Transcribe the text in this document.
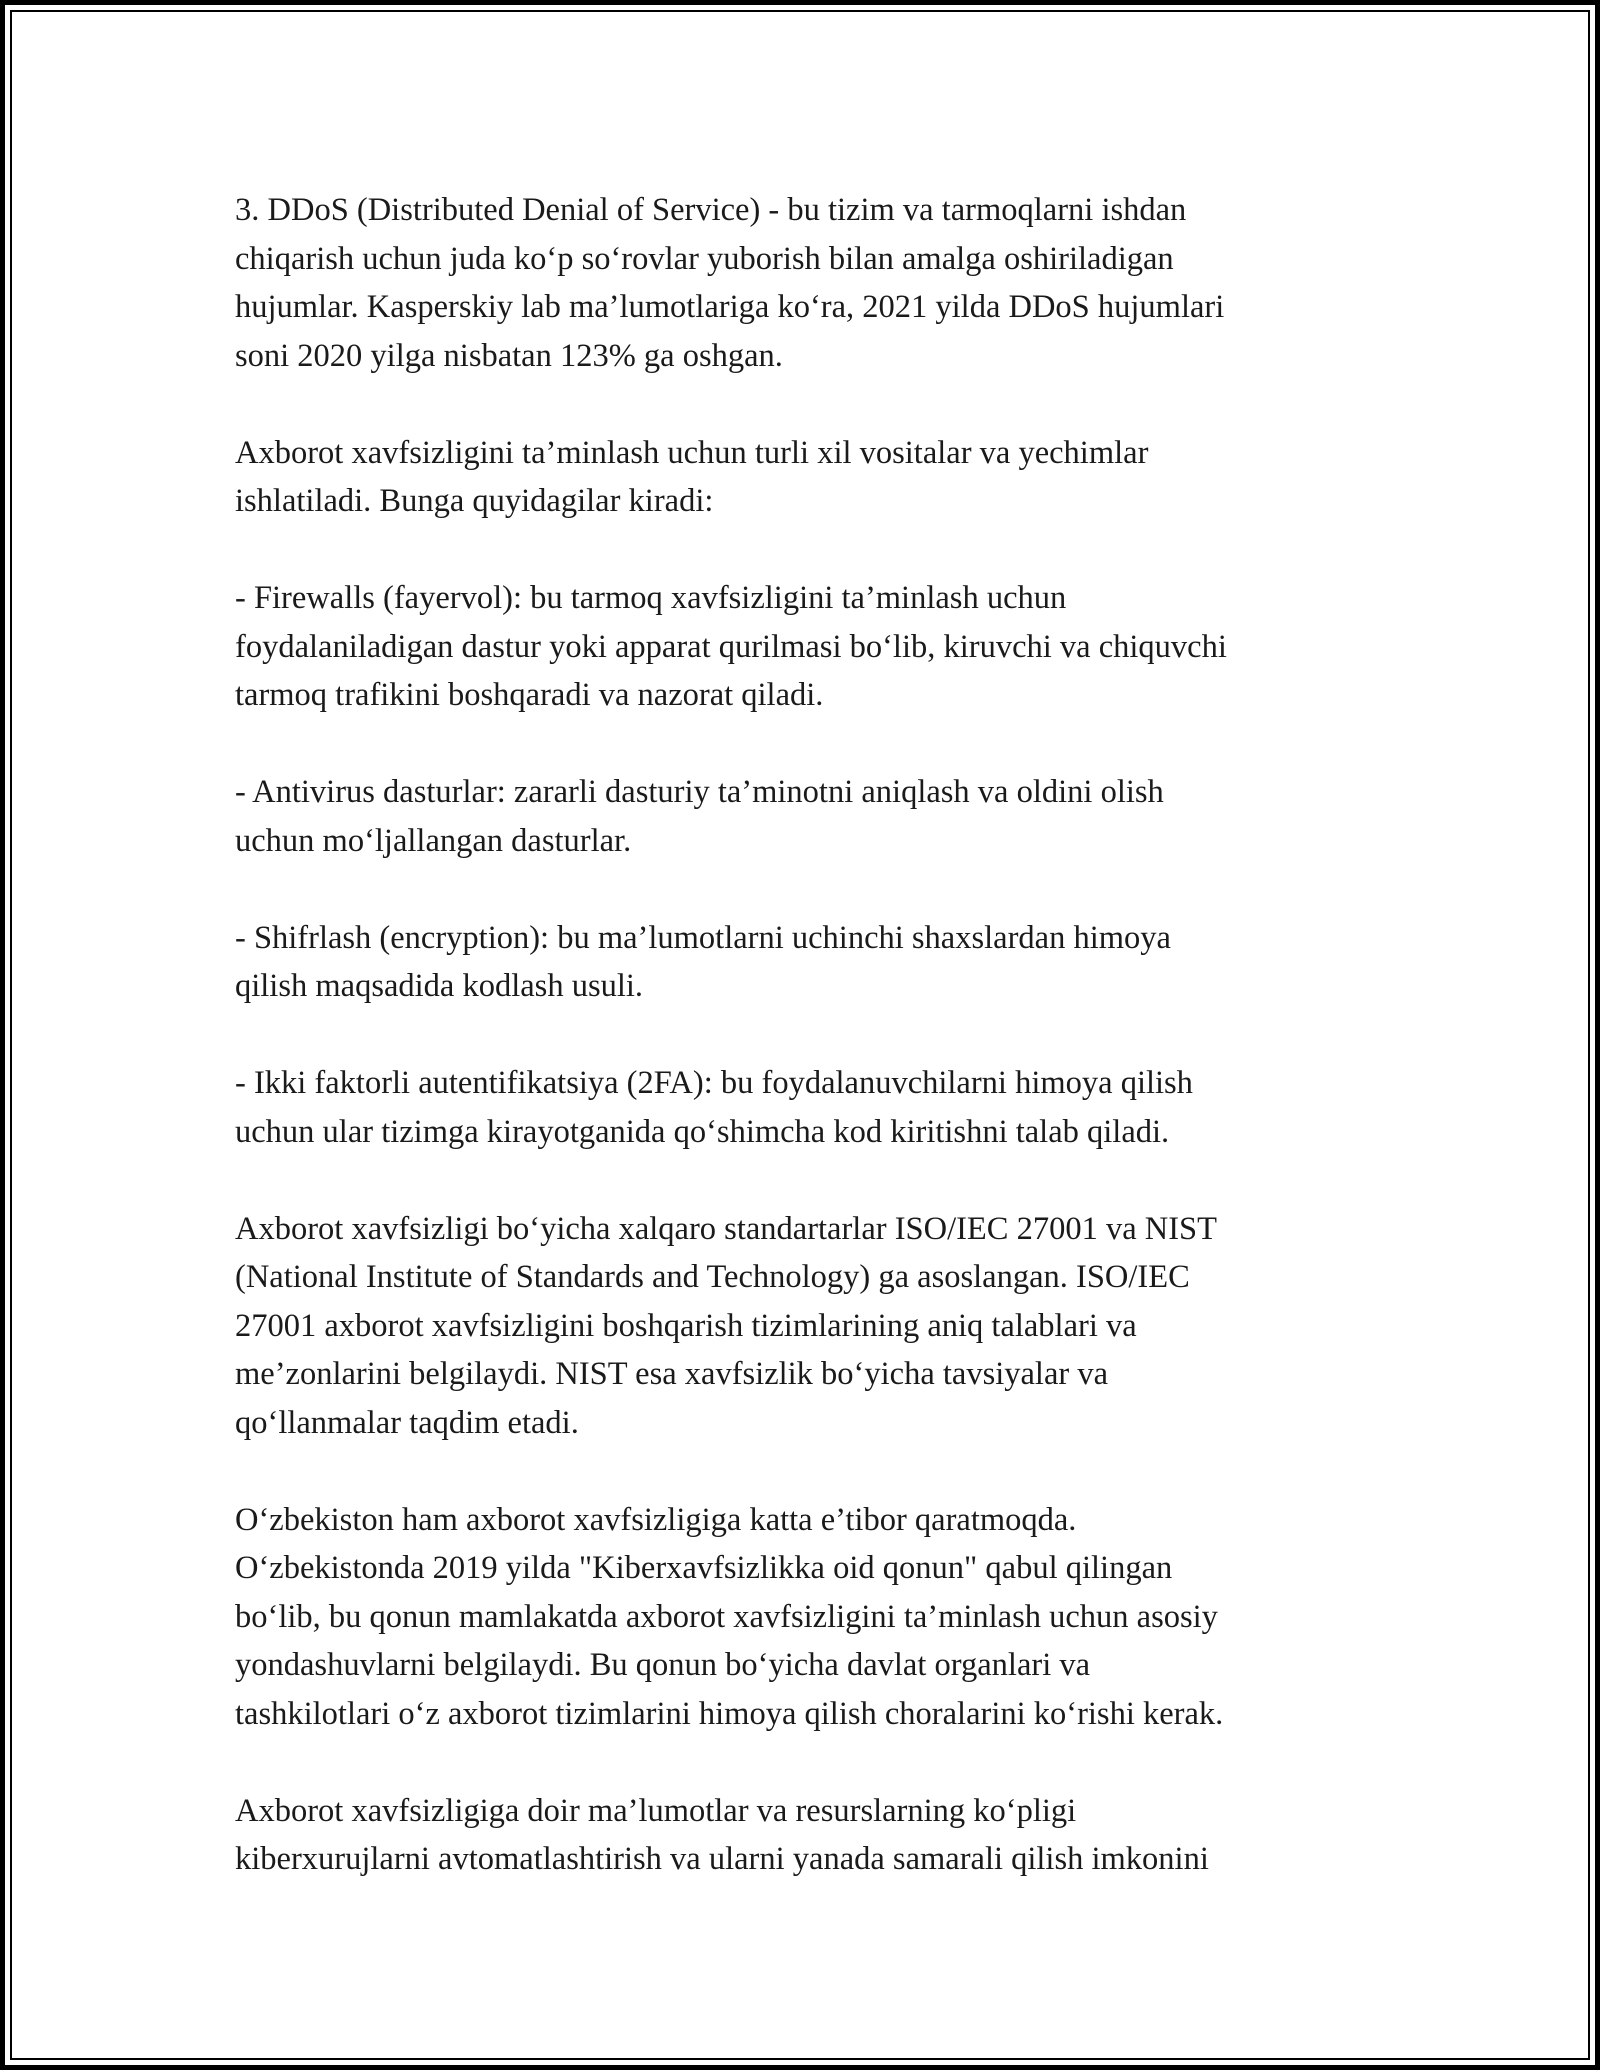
3. DDoS (Distributed Denial of Service) - bu tizim va tarmoqlarni ishdan
chiqarish uchun juda ko‘p so‘rovlar yuborish bilan amalga oshiriladigan
hujumlar. Kasperskiy lab ma’lumotlariga ko‘ra, 2021 yilda DDoS hujumlari
soni 2020 yilga nisbatan 123% ga oshgan.
Axborot xavfsizligini ta’minlash uchun turli xil vositalar va yechimlar
ishlatiladi. Bunga quyidagilar kiradi:
- Firewalls (fayervol): bu tarmoq xavfsizligini ta’minlash uchun
foydalaniladigan dastur yoki apparat qurilmasi bo‘lib, kiruvchi va chiquvchi
tarmoq trafikini boshqaradi va nazorat qiladi.
- Antivirus dasturlar: zararli dasturiy ta’minotni aniqlash va oldini olish
uchun mo‘ljallangan dasturlar.
- Shifrlash (encryption): bu ma’lumotlarni uchinchi shaxslardan himoya
qilish maqsadida kodlash usuli.
- Ikki faktorli autentifikatsiya (2FA): bu foydalanuvchilarni himoya qilish
uchun ular tizimga kirayotganida qo‘shimcha kod kiritishni talab qiladi.
Axborot xavfsizligi bo‘yicha xalqaro standartarlar ISO/IEC 27001 va NIST
(National Institute of Standards and Technology) ga asoslangan. ISO/IEC
27001 axborot xavfsizligini boshqarish tizimlarining aniq talablari va
me’zonlarini belgilaydi. NIST esa xavfsizlik bo‘yicha tavsiyalar va
qo‘llanmalar taqdim etadi.
O‘zbekiston ham axborot xavfsizligiga katta e’tibor qaratmoqda.
O‘zbekistonda 2019 yilda "Kiberxavfsizlikka oid qonun" qabul qilingan
bo‘lib, bu qonun mamlakatda axborot xavfsizligini ta’minlash uchun asosiy
yondashuvlarni belgilaydi. Bu qonun bo‘yicha davlat organlari va
tashkilotlari o‘z axborot tizimlarini himoya qilish choralarini ko‘rishi kerak.
Axborot xavfsizligiga doir ma’lumotlar va resurslarning ko‘pligi
kiberxurujlarni avtomatlashtirish va ularni yanada samarali qilish imkonini
